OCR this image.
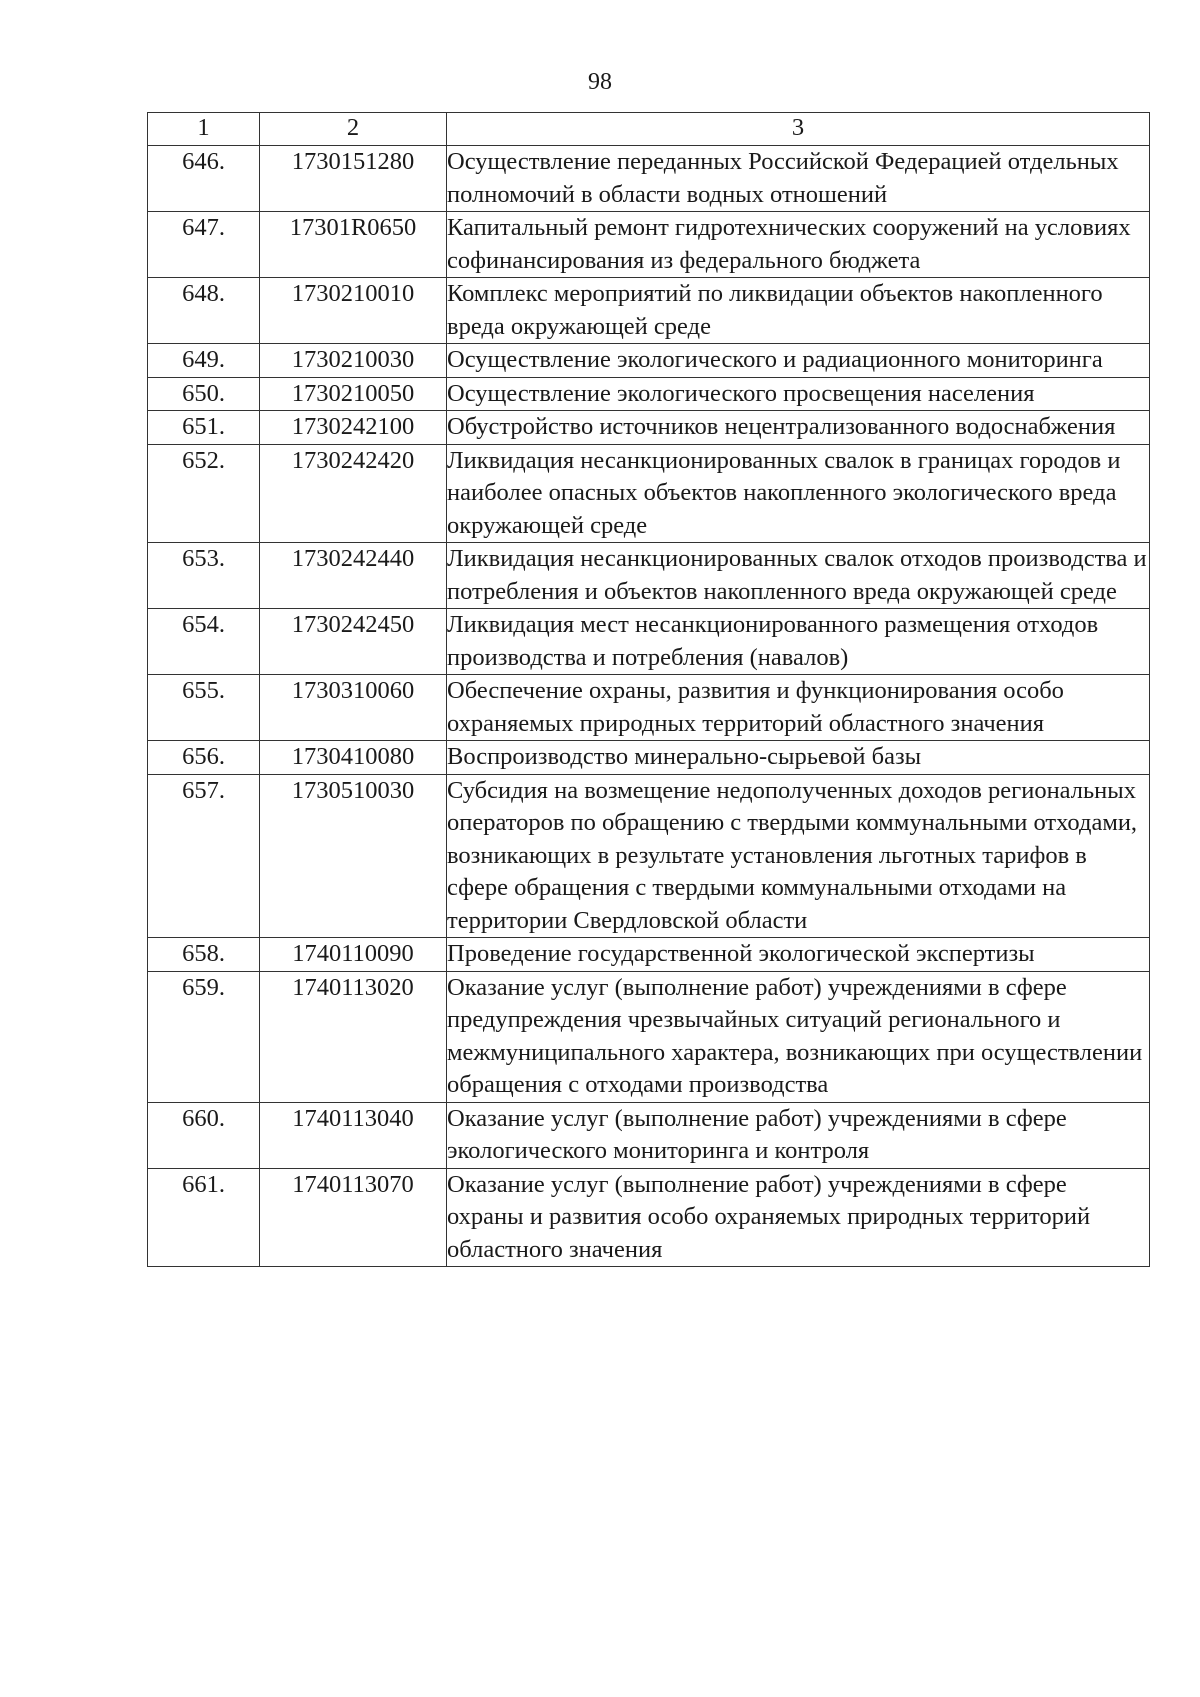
98
1	2	3
646.	1730151280	Осуществление переданных Российской Федерацией отдельных полномочий в области водных отношений
647.	17301R0650	Капитальный ремонт гидротехнических сооружений на условиях софинансирования из федерального бюджета
648.	1730210010	Комплекс мероприятий по ликвидации объектов накопленного вреда окружающей среде
649.	1730210030	Осуществление экологического и радиационного мониторинга
650.	1730210050	Осуществление экологического просвещения населения
651.	1730242100	Обустройство источников нецентрализованного водоснабжения
652.	1730242420	Ликвидация несанкционированных свалок в границах городов и наиболее опасных объектов накопленного экологического вреда окружающей среде
653.	1730242440	Ликвидация несанкционированных свалок отходов производства и потребления и объектов накопленного вреда окружающей среде
654.	1730242450	Ликвидация мест несанкционированного размещения отходов производства и потребления (навалов)
655.	1730310060	Обеспечение охраны, развития и функционирования особо охраняемых природных территорий областного значения
656.	1730410080	Воспроизводство минерально-сырьевой базы
657.	1730510030	Субсидия на возмещение недополученных доходов региональных операторов по обращению с твердыми коммунальными отходами, возникающих в результате установления льготных тарифов в сфере обращения с твердыми коммунальными отходами на территории Свердловской области
658.	1740110090	Проведение государственной экологической экспертизы
659.	1740113020	Оказание услуг (выполнение работ) учреждениями в сфере предупреждения чрезвычайных ситуаций регионального и межмуниципального характера, возникающих при осуществлении обращения с отходами производства
660.	1740113040	Оказание услуг (выполнение работ) учреждениями в сфере экологического мониторинга и контроля
661.	1740113070	Оказание услуг (выполнение работ) учреждениями в сфере охраны и развития особо охраняемых природных территорий областного значения
